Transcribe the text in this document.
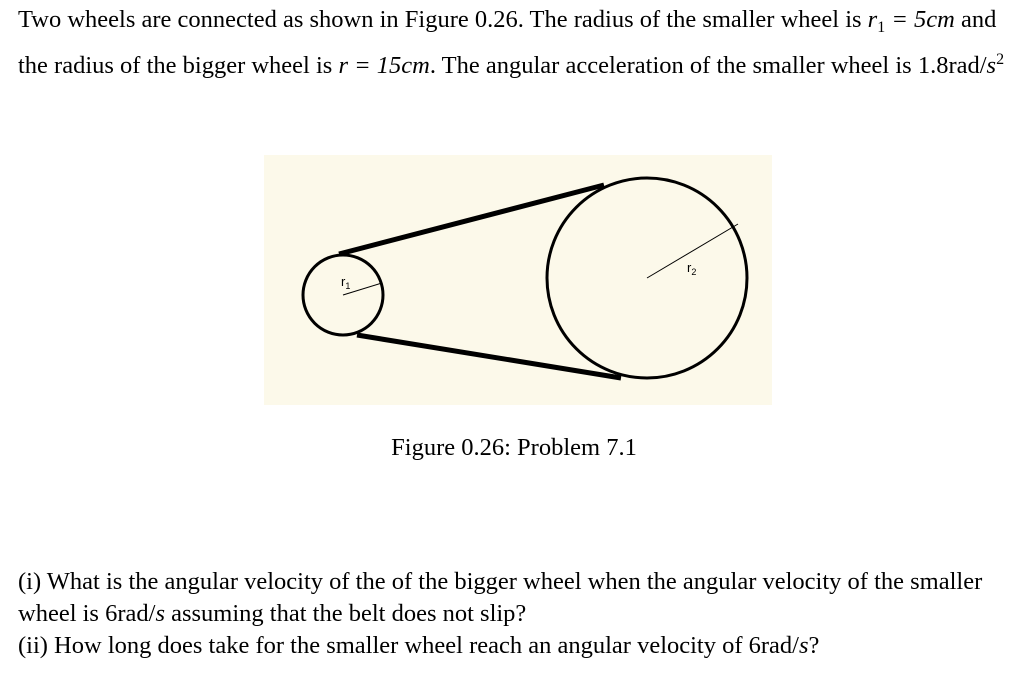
Two wheels are connected as shown in Figure 0.26. The radius of the smaller wheel is $r_1 = 5cm$ and the radius of the bigger wheel is r = 15cm. The angular acceleration of the smaller wheel is $1.8rad/s^2$

$r_1$
$r_2$
Figure 0.26: Problem 7.1

(i) What is the angular velocity of the of the bigger wheel when the angular velocity of the smaller wheel is 6rad/s assuming that the belt does not slip?

(ii) How long does take for the smaller wheel reach an angular velocity of 6rad/s?
